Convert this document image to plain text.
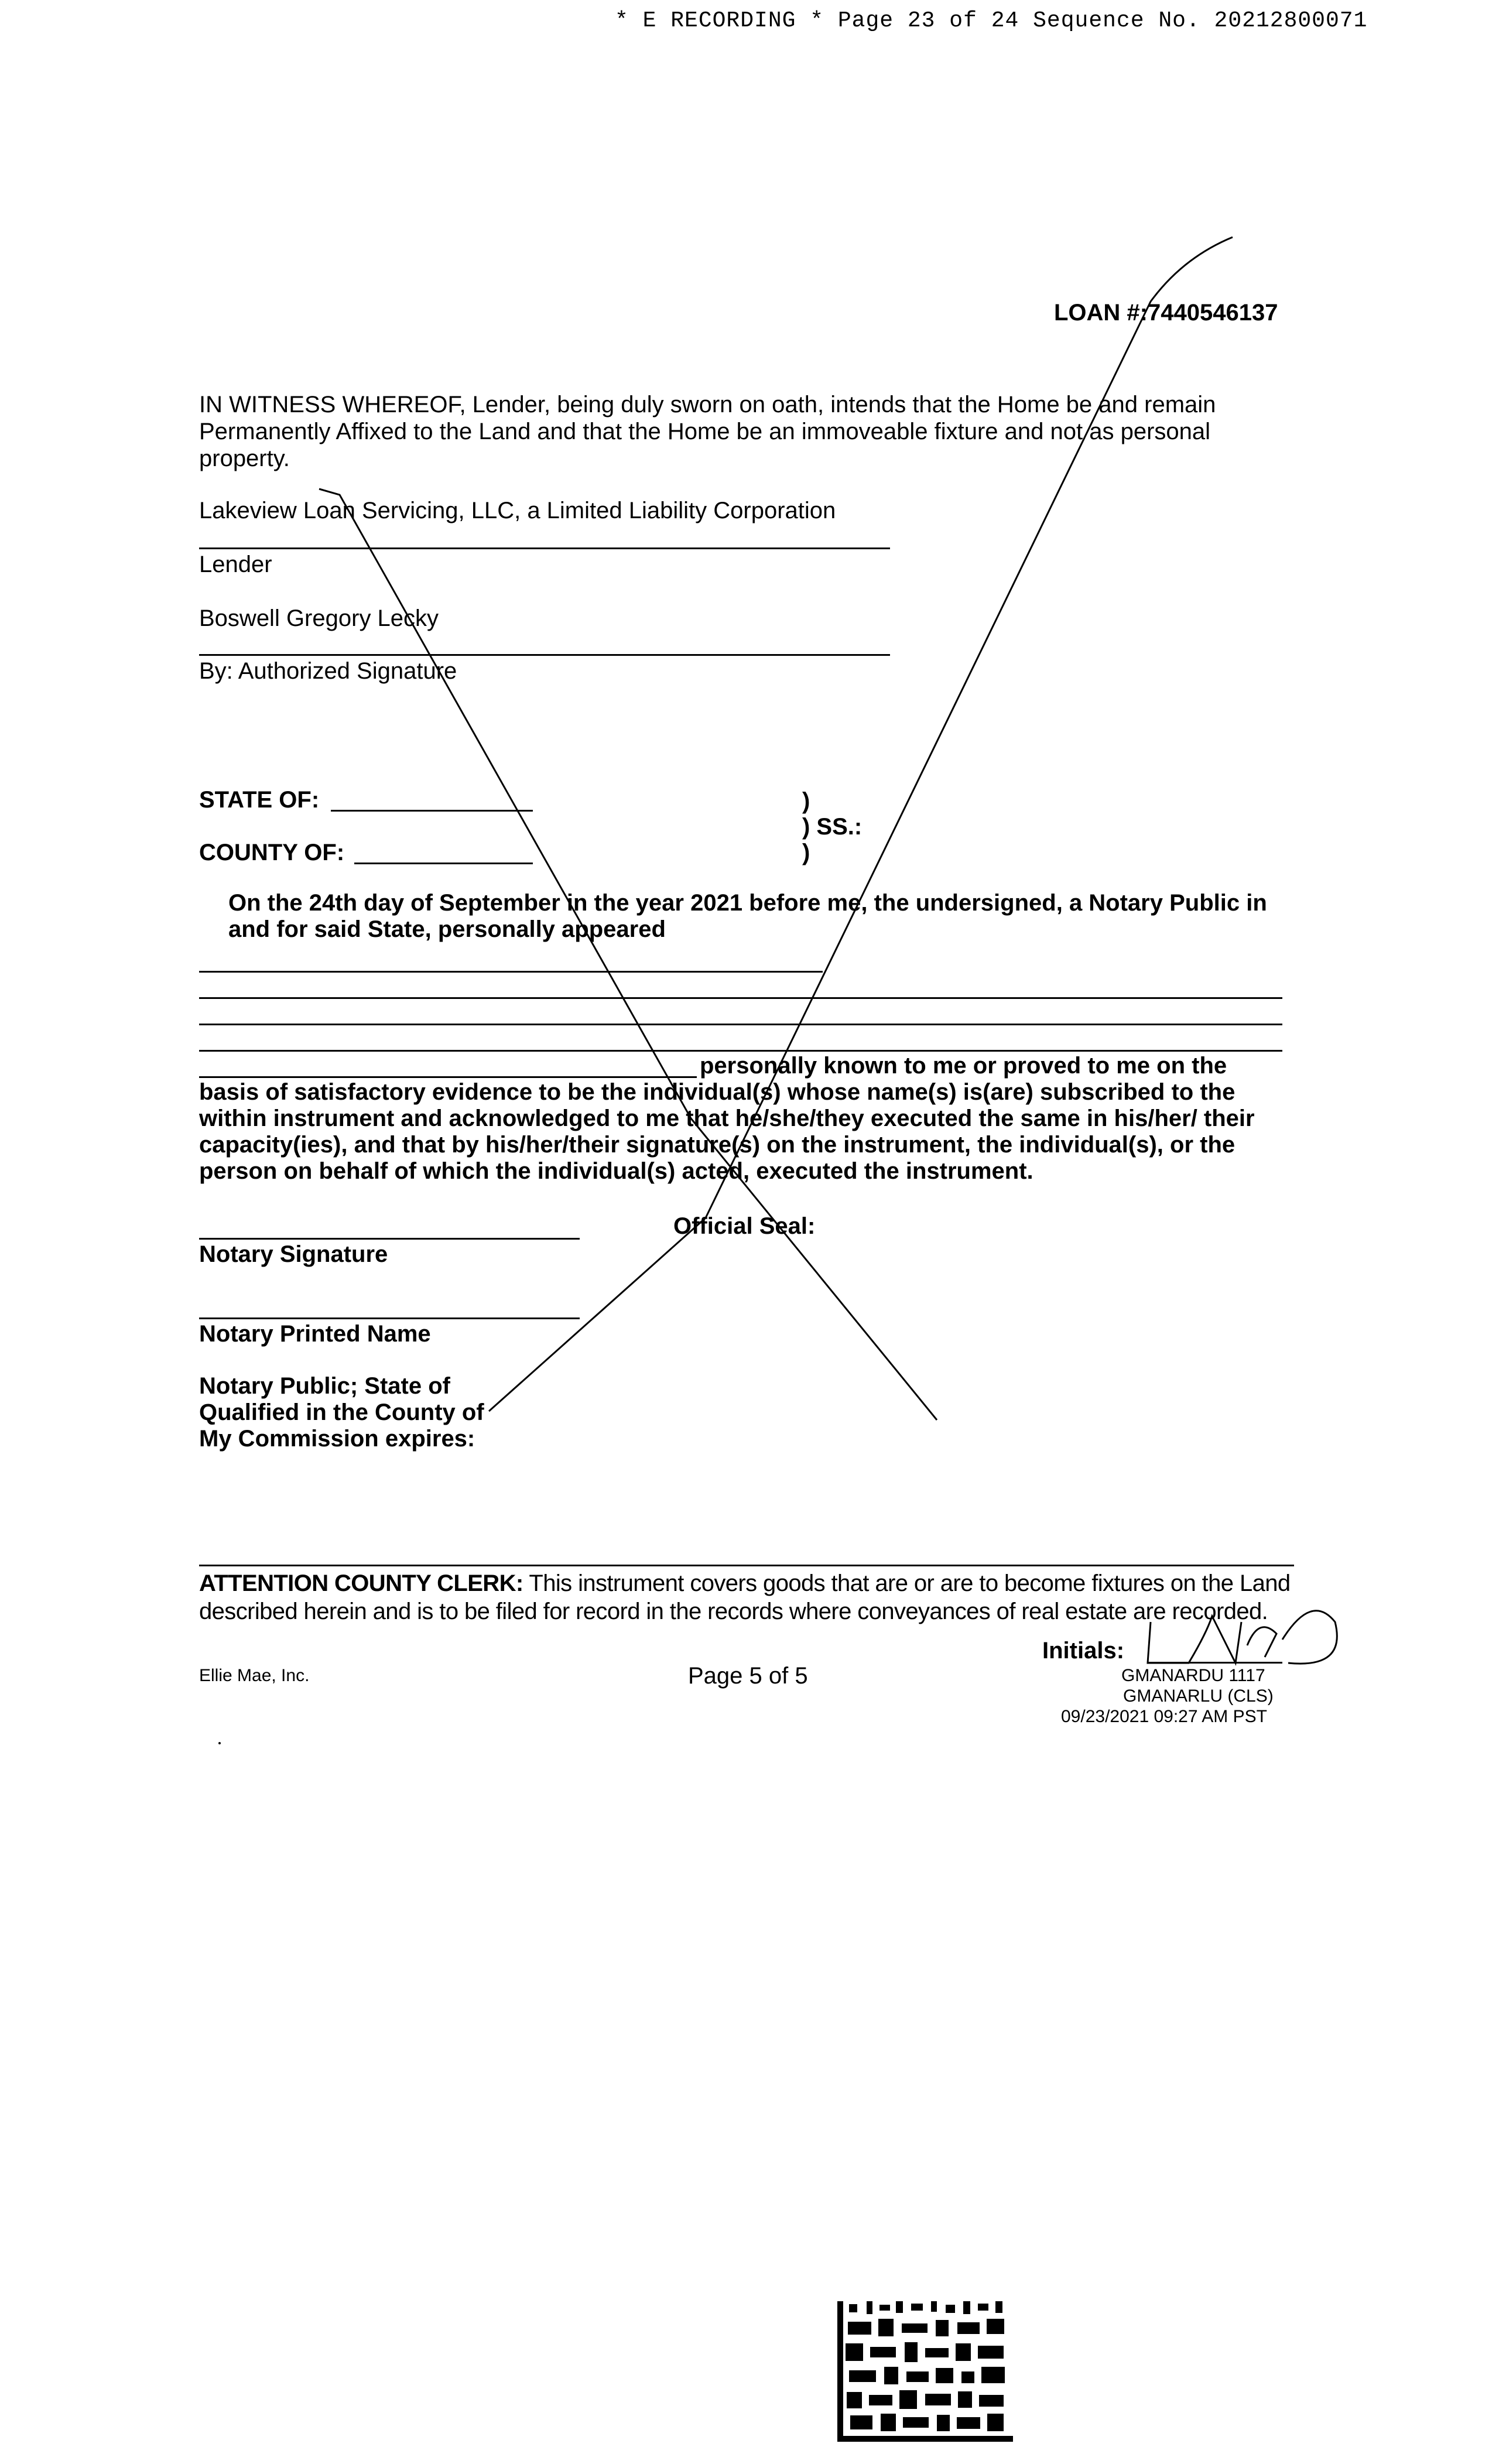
* E RECORDING * Page 23 of 24 Sequence No. 20212800071
LOAN #:7440546137
IN WITNESS WHEREOF, Lender, being duly sworn on oath, intends that the Home be and remain Permanently Affixed to the Land and that the Home be an immoveable fixture and not as personal property.
Lakeview Loan Servicing, LLC, a Limited Liability Corporation
Lender
Boswell Gregory Lecky
By: Authorized Signature
STATE OF:
COUNTY OF:
)
) SS.:
)
On the 24th day of September in the year 2021 before me, the undersigned, a Notary Public in and for said State, personally appeared
personally known to me or proved to me on the
basis of satisfactory evidence to be the individual(s) whose name(s) is(are) subscribed to the within instrument and acknowledged to me that he/she/they executed the same in his/her/ their capacity(ies), and that by his/her/their signature(s) on the instrument, the individual(s), or the person on behalf of which the individual(s) acted, executed the instrument.
Official Seal:
Notary Signature
Notary Printed Name
Notary Public; State of
Qualified in the County of
My Commission expires:
ATTENTION COUNTY CLERK: This instrument covers goods that are or are to become fixtures on the Land described herein and is to be filed for record in the records where conveyances of real estate are recorded.
Initials:
Ellie Mae, Inc.	Page 5 of 5	GMANARDU 1117
GMANARLU (CLS)
09/23/2021 09:27 AM PST
